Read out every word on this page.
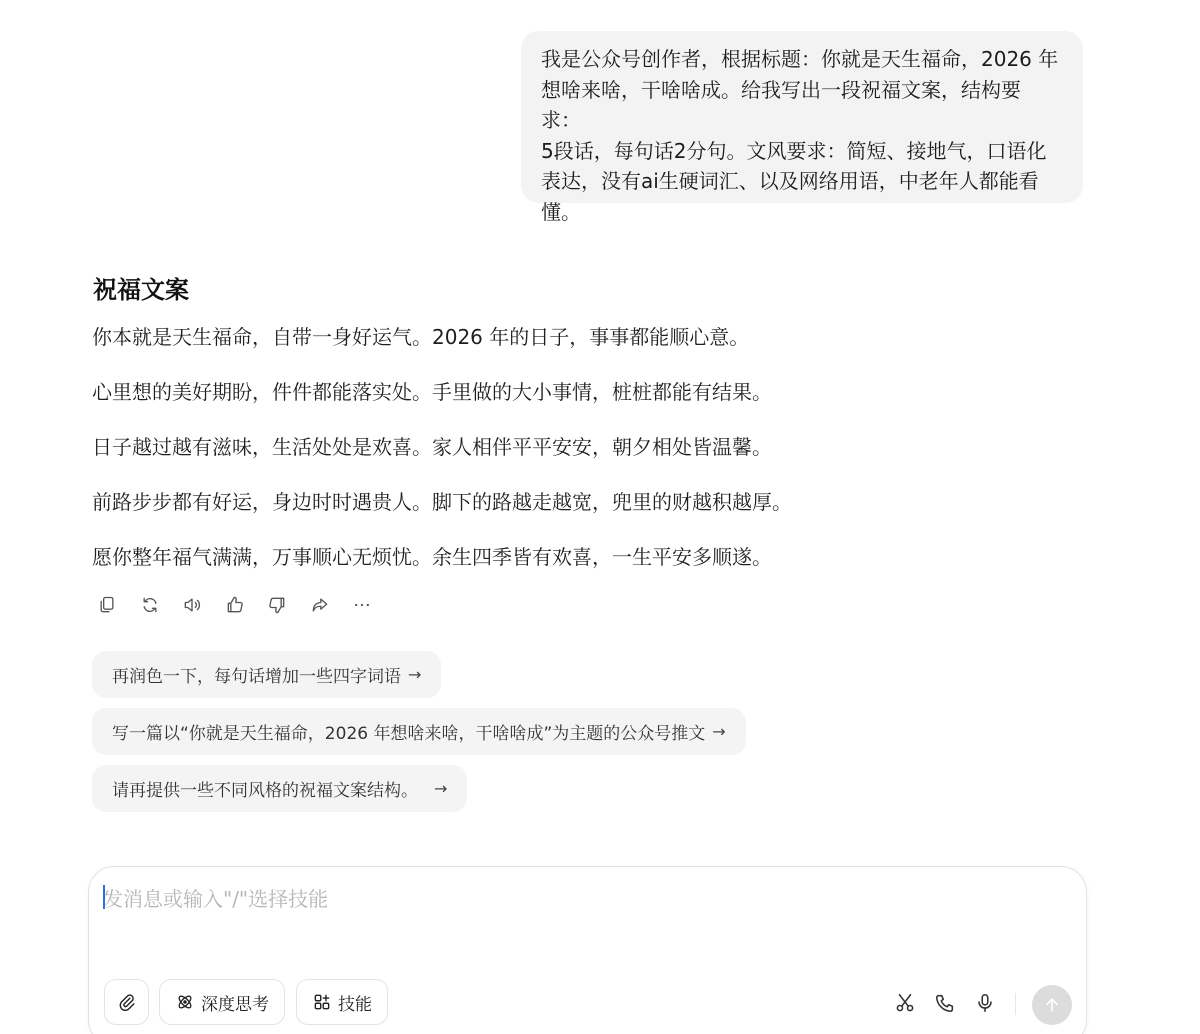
我是公众号创作者，根据标题：你就是天生福命，2026 年
想啥来啥，干啥啥成。给我写出一段祝福文案，结构要求：
5段话，每句话2分句。文风要求：简短、接地气，口语化
表达，没有ai生硬词汇、以及网络用语，中老年人都能看
懂。
祝福文案
你本就是天生福命，自带一身好运气。2026 年的日子，事事都能顺心意。
心里想的美好期盼，件件都能落实处。手里做的大小事情，桩桩都能有结果。
日子越过越有滋味，生活处处是欢喜。家人相伴平平安安，朝夕相处皆温馨。
前路步步都有好运，身边时时遇贵人。脚下的路越走越宽，兜里的财越积越厚。
愿你整年福气满满，万事顺心无烦忧。余生四季皆有欢喜，一生平安多顺遂。
再润色一下，每句话增加一些四字词语 →
写一篇以“你就是天生福命，2026 年想啥来啥，干啥啥成”为主题的公众号推文 →
请再提供一些不同风格的祝福文案结构。 →
发消息或输入"/"选择技能
深度思考	技能
